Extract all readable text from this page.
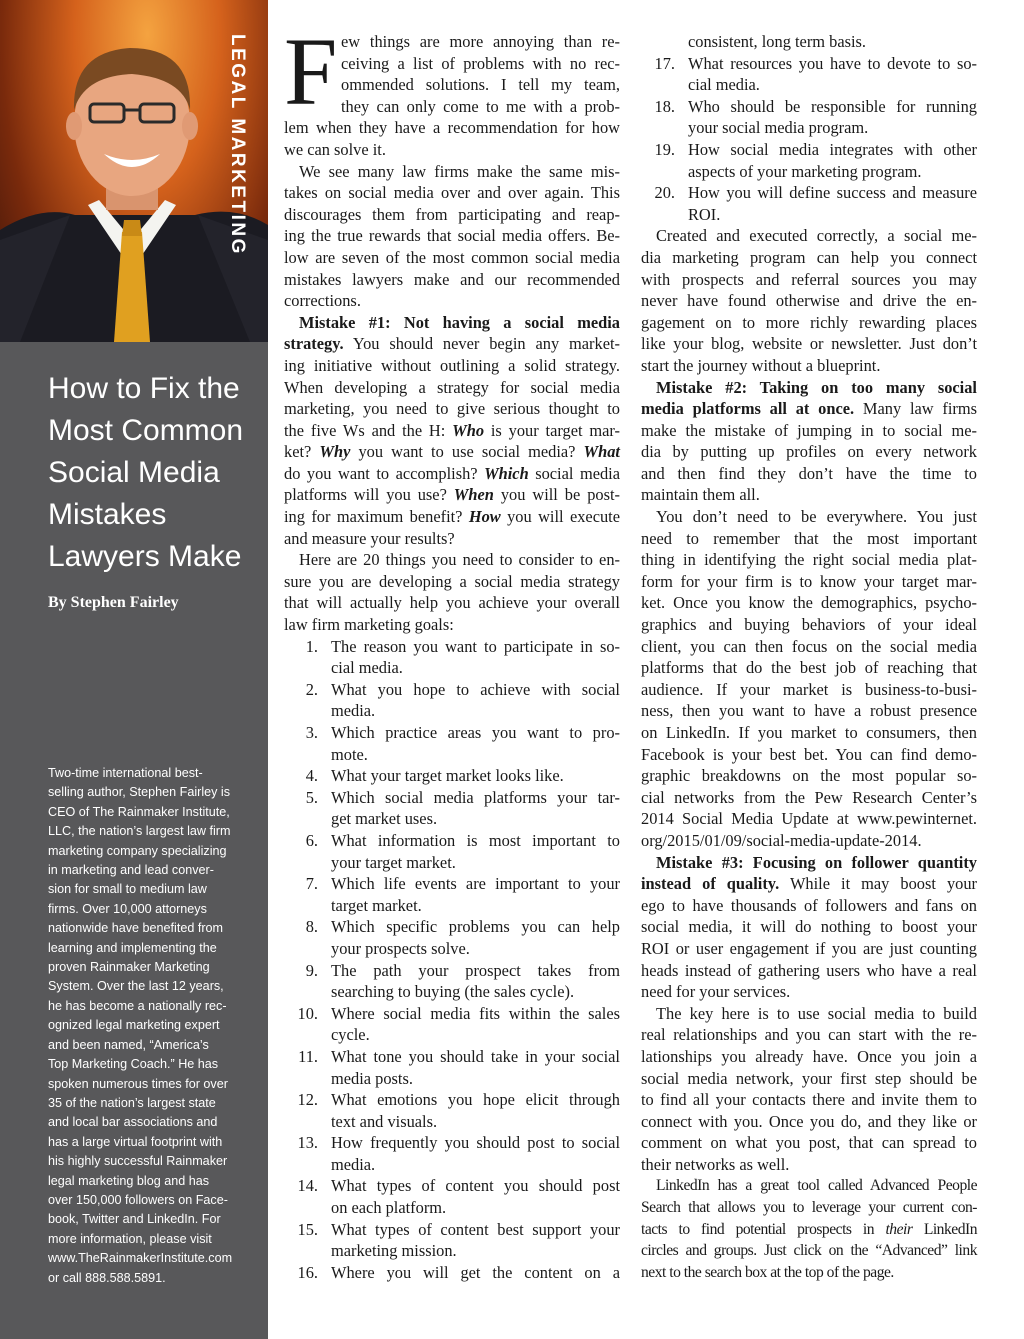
LEGAL MARKETING
How to Fix the
Most Common
Social Media
Mistakes
Lawyers Make
By Stephen Fairley
Two-time international best-
selling author, Stephen Fairley is
CEO of The Rainmaker Institute,
LLC, the nation’s largest law firm
marketing company specializing
in marketing and lead conver-
sion for small to medium law
firms. Over 10,000 attorneys
nationwide have benefited from
learning and implementing the
proven Rainmaker Marketing
System. Over the last 12 years,
he has become a nationally rec-
ognized legal marketing expert
and been named, “America’s
Top Marketing Coach.” He has
spoken numerous times for over
35 of the nation’s largest state
and local bar associations and
has a large virtual footprint with
his highly successful Rainmaker
legal marketing blog and has
over 150,000 followers on Face-
book, Twitter and LinkedIn. For
more information, please visit
www.TheRainmakerInstitute.com
or call 888.588.5891.
F ew things are more annoying than re-
ceiving a list of problems with no rec-
ommended solutions. I tell my team,
they can only come to me with a prob-
lem when they have a recommendation for how
we can solve it.
We see many law firms make the same mis-
takes on social media over and over again. This
discourages them from participating and reap-
ing the true rewards that social media offers. Be-
low are seven of the most common social media
mistakes lawyers make and our recommended
corrections.
Mistake #1: Not having a social media
strategy. You should never begin any market-
ing initiative without outlining a solid strategy.
When developing a strategy for social media
marketing, you need to give serious thought to
the five Ws and the H: Who is your target mar-
ket? Why you want to use social media? What
do you want to accomplish? Which social media
platforms will you use? When you will be post-
ing for maximum benefit? How you will execute
and measure your results?
Here are 20 things you need to consider to en-
sure you are developing a social media strategy
that will actually help you achieve your overall
law firm marketing goals:
1. The reason you want to participate in so-
cial media.
2. What you hope to achieve with social
media.
3. Which practice areas you want to pro-
mote.
4. What your target market looks like.
5. Which social media platforms your tar-
get market uses.
6. What information is most important to
your target market.
7. Which life events are important to your
target market.
8. Which specific problems you can help
your prospects solve.
9. The path your prospect takes from
searching to buying (the sales cycle).
10. Where social media fits within the sales
cycle.
11. What tone you should take in your social
media posts.
12. What emotions you hope elicit through
text and visuals.
13. How frequently you should post to social
media.
14. What types of content you should post
on each platform.
15. What types of content best support your
marketing mission.
16. Where you will get the content on a
consistent, long term basis.
17. What resources you have to devote to so-
cial media.
18. Who should be responsible for running
your social media program.
19. How social media integrates with other
aspects of your marketing program.
20. How you will define success and measure
ROI.
Created and executed correctly, a social me-
dia marketing program can help you connect
with prospects and referral sources you may
never have found otherwise and drive the en-
gagement on to more richly rewarding places
like your blog, website or newsletter. Just don’t
start the journey without a blueprint.
Mistake #2: Taking on too many social
media platforms all at once. Many law firms
make the mistake of jumping in to social me-
dia by putting up profiles on every network
and then find they don’t have the time to
maintain them all.
You don’t need to be everywhere. You just
need to remember that the most important
thing in identifying the right social media plat-
form for your firm is to know your target mar-
ket. Once you know the demographics, psycho-
graphics and buying behaviors of your ideal
client, you can then focus on the social media
platforms that do the best job of reaching that
audience. If your market is business-to-busi-
ness, then you want to have a robust presence
on LinkedIn. If you market to consumers, then
Facebook is your best bet. You can find demo-
graphic breakdowns on the most popular so-
cial networks from the Pew Research Center’s
2014 Social Media Update at www.pewinternet.
org/2015/01/09/social-media-update-2014.
Mistake #3: Focusing on follower quantity
instead of quality. While it may boost your
ego to have thousands of followers and fans on
social media, it will do nothing to boost your
ROI or user engagement if you are just counting
heads instead of gathering users who have a real
need for your services.
The key here is to use social media to build
real relationships and you can start with the re-
lationships you already have. Once you join a
social media network, your first step should be
to find all your contacts there and invite them to
connect with you. Once you do, and they like or
comment on what you post, that can spread to
their networks as well.
LinkedIn has a great tool called Advanced People
Search that allows you to leverage your current con-
tacts to find potential prospects in their LinkedIn
circles and groups. Just click on the “Advanced” link
next to the search box at the top of the page.
